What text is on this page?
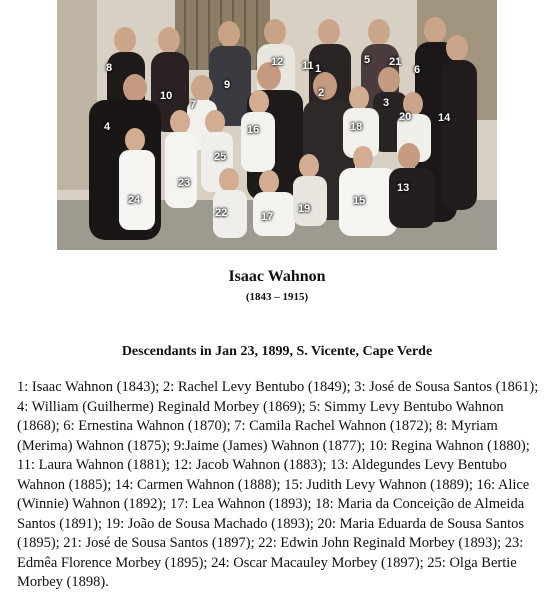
1
2
3
4
5
6
7
8
9
10
11
12
13
14
15
16
17
18
19
20
21
22
23
24
25
Isaac Wahnon
(1843 – 1915)
Descendants in Jan 23, 1899, S. Vicente, Cape Verde
1: Isaac Wahnon (1843); 2: Rachel Levy Bentubo (1849); 3: José de Sousa Santos (1861); 4: William (Guilherme) Reginald Morbey (1869); 5: Simmy Levy Bentubo Wahnon (1868); 6: Ernestina Wahnon (1870); 7: Camila Rachel Wahnon (1872); 8: Myriam (Merima) Wahnon (1875); 9:Jaime (James) Wahnon (1877); 10: Regina Wahnon (1880); 11: Laura Wahnon (1881); 12: Jacob Wahnon (1883); 13: Aldegundes Levy Bentubo Wahnon (1885); 14: Carmen Wahnon (1888); 15: Judith Levy Wahnon (1889); 16: Alice (Winnie) Wahnon (1892); 17: Lea Wahnon (1893); 18: Maria da Conceição de Almeida Santos (1891); 19: João de Sousa Machado (1893); 20: Maria Eduarda de Sousa Santos (1895); 21: José de Sousa Santos (1897); 22: Edwin John Reginald Morbey (1893); 23: Edmêa Florence Morbey (1895); 24: Oscar Macauley Morbey (1897); 25: Olga Bertie Morbey (1898).
